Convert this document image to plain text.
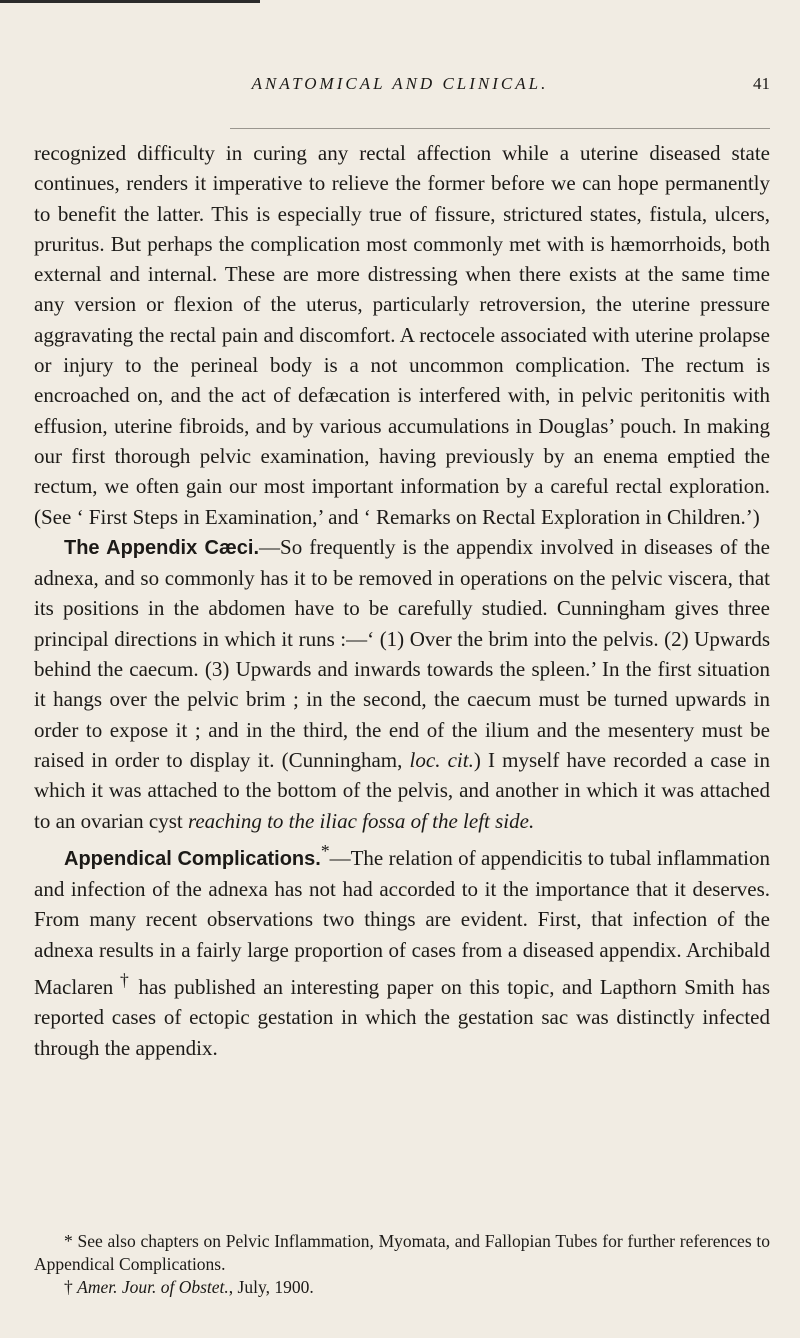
ANATOMICAL AND CLINICAL.	41

recognized difficulty in curing any rectal affection while a uterine diseased state continues, renders it imperative to relieve the former before we can hope permanently to benefit the latter. This is especially true of fissure, strictured states, fistula, ulcers, pruritus. But perhaps the complication most commonly met with is hæmorrhoids, both external and internal. These are more distressing when there exists at the same time any version or flexion of the uterus, particularly retroversion, the uterine pressure aggravating the rectal pain and discomfort. A rectocele associated with uterine prolapse or injury to the perineal body is a not uncommon complication. The rectum is encroached on, and the act of defæcation is interfered with, in pelvic peritonitis with effusion, uterine fibroids, and by various accumulations in Douglas’ pouch. In making our first thorough pelvic examination, having previously by an enema emptied the rectum, we often gain our most important information by a careful rectal exploration. (See ‘ First Steps in Examination,’ and ‘ Remarks on Rectal Exploration in Children.’)

The Appendix Cæci.—So frequently is the appendix involved in diseases of the adnexa, and so commonly has it to be removed in operations on the pelvic viscera, that its positions in the abdomen have to be carefully studied. Cunningham gives three principal directions in which it runs :—‘ (1) Over the brim into the pelvis. (2) Upwards behind the caecum. (3) Upwards and inwards towards the spleen.’ In the first situation it hangs over the pelvic brim ; in the second, the caecum must be turned upwards in order to expose it ; and in the third, the end of the ilium and the mesentery must be raised in order to display it. (Cunningham, loc. cit.) I myself have recorded a case in which it was attached to the bottom of the pelvis, and another in which it was attached to an ovarian cyst reaching to the iliac fossa of the left side.

Appendical Complications.*—The relation of appendicitis to tubal inflammation and infection of the adnexa has not had accorded to it the importance that it deserves. From many recent observations two things are evident. First, that infection of the adnexa results in a fairly large proportion of cases from a diseased appendix. Archibald Maclaren † has published an interesting paper on this topic, and Lapthorn Smith has reported cases of ectopic gestation in which the gestation sac was distinctly infected through the appendix.

* See also chapters on Pelvic Inflammation, Myomata, and Fallopian Tubes for further references to Appendical Complications.

† Amer. Jour. of Obstet., July, 1900.
